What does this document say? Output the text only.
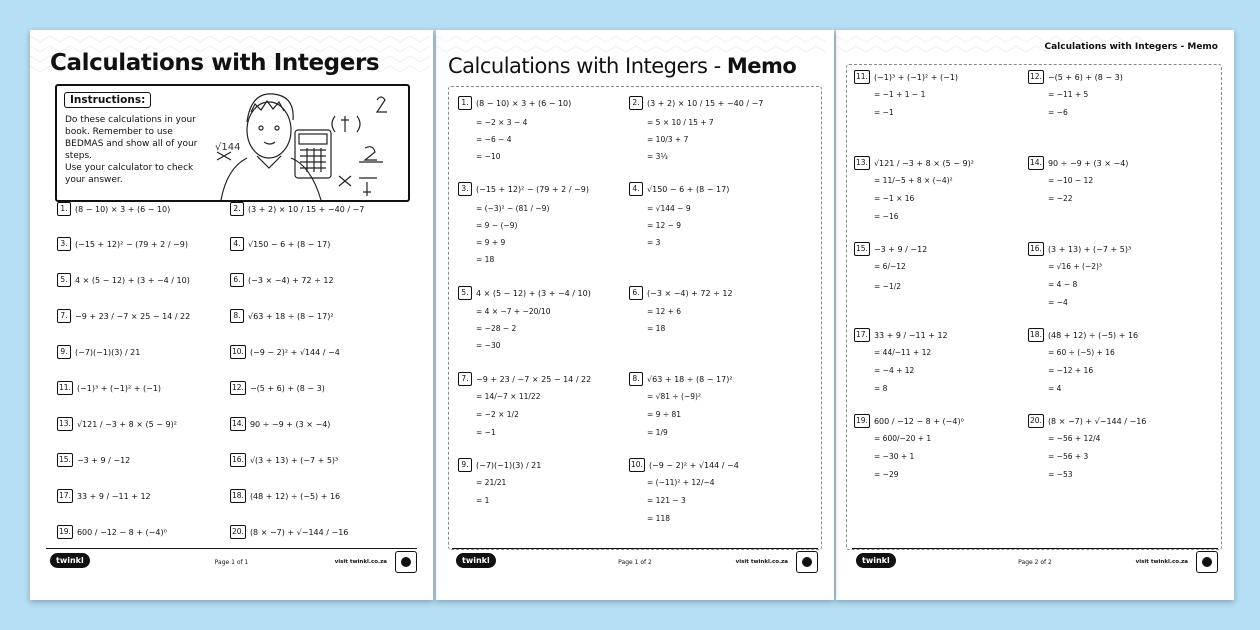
Calculations with Integers
Instructions:

Do these calculations in your book. Remember to use BEDMAS and show all of your steps.

Use your calculator to check your answer.

√144
1. (8 − 10) × 3 + (6 − 10)	2. (3 + 2) × 10 / 15 + −40 / −7
3. (−15 + 12)² − (79 + 2 / −9)	4. √150 − 6 + (8 − 17)
5. 4 × (5 − 12) + (3 + −4 / 10)	6. (−3 × −4) + 72 ÷ 12
7. −9 + 23 / −7 × 25 − 14 / 22	8. √63 + 18 ÷ (8 − 17)²
9. (−7)(−1)(3) / 21	10. (−9 − 2)² + √144 / −4
11. (−1)³ + (−1)² + (−1)	12. −(5 + 6) + (8 − 3)
13. √121 / −3 + 8 × (5 − 9)²	14. 90 ÷ −9 + (3 × −4)
15. −3 + 9 / −12	16. √(3 + 13) + (−7 + 5)³
17. 33 + 9 / −11 + 12	18. (48 + 12) ÷ (−5) + 16
19. 600 / −12 − 8 + (−4)⁰	20. (8 × −7) + √−144 / −16
twinkl	Page 1 of 1	visit twinkl.co.za
Calculations with Integers - Memo
1. (8 − 10) × 3 + (6 − 10)
= −2 × 3 − 4
= −6 − 4
= −10
2. (3 + 2) × 10 / 15 + −40 / −7
= 5 × 10 / 15 + 7
= 10/3 + 7
= 3⅓
3. (−15 + 12)² − (79 + 2 / −9)
= (−3)² − (81 / −9)
= 9 − (−9)
= 9 + 9
= 18
4. √150 − 6 + (8 − 17)
= √144 − 9
= 12 − 9
= 3
5. 4 × (5 − 12) + (3 + −4 / 10)
= 4 × −7 + −20/10
= −28 − 2
= −30
6. (−3 × −4) + 72 ÷ 12
= 12 + 6
= 18
7. −9 + 23 / −7 × 25 − 14 / 22
= 14/−7 × 11/22
= −2 × 1/2
= −1
8. √63 + 18 ÷ (8 − 17)²
= √81 ÷ (−9)²
= 9 ÷ 81
= 1/9
9. (−7)(−1)(3) / 21
= 21/21
= 1
10. (−9 − 2)² + √144 / −4
= (−11)² + 12/−4
= 121 − 3
= 118
twinkl	Page 1 of 2	visit twinkl.co.za
Calculations with Integers - Memo
11. (−1)³ + (−1)² + (−1)
= −1 + 1 − 1
= −1
12. −(5 + 6) + (8 − 3)
= −11 + 5
= −6
13. √121 / −3 + 8 × (5 − 9)²
= 11/−5 + 8 × (−4)²
= −1 × 16
= −16
14. 90 ÷ −9 + (3 × −4)
= −10 − 12
= −22
15. −3 + 9 / −12
= 6/−12
= −1/2
16. (3 + 13) + (−7 + 5)³
= √16 + (−2)³
= 4 − 8
= −4
17. 33 + 9 / −11 + 12
= 44/−11 + 12
= −4 + 12
= 8
18. (48 + 12) ÷ (−5) + 16
= 60 ÷ (−5) + 16
= −12 + 16
= 4
19. 600 / −12 − 8 + (−4)⁰
= 600/−20 + 1
= −30 + 1
= −29
20. (8 × −7) + √−144 / −16
= −56 + 12/4
= −56 + 3
= −53
twinkl	Page 2 of 2	visit twinkl.co.za
